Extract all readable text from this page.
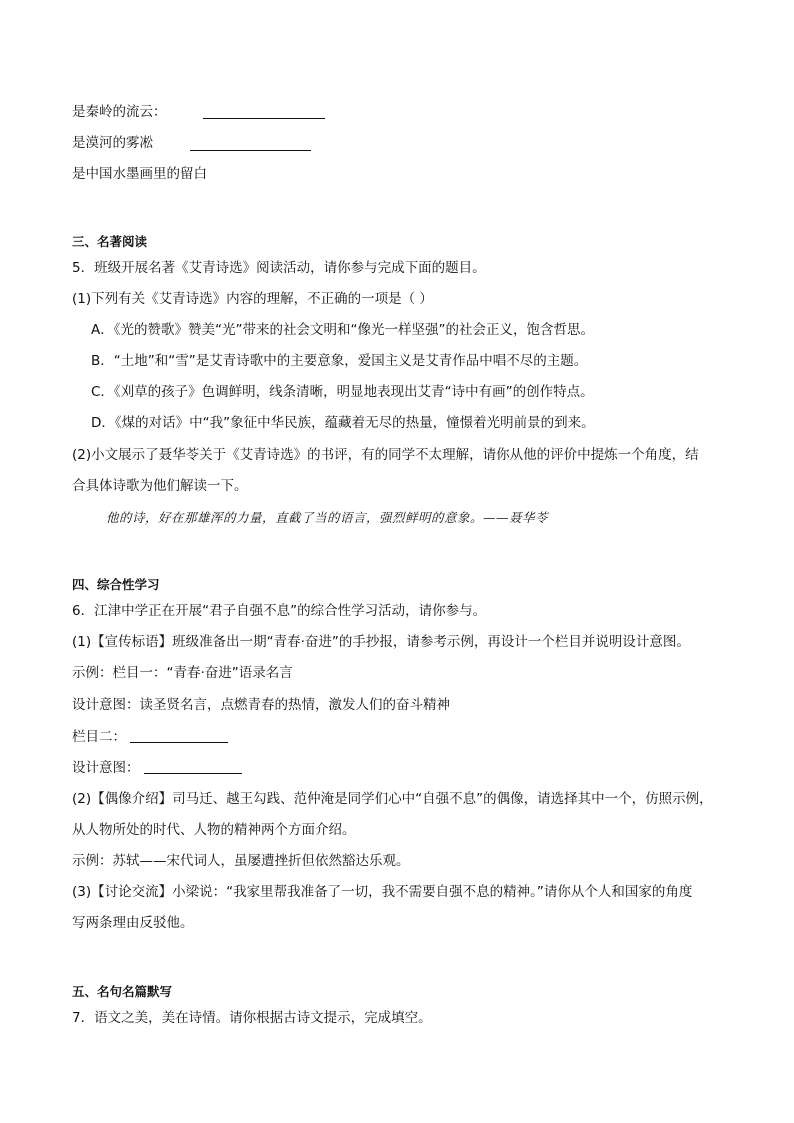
是秦岭的流云：
是漠河的雾凇
是中国水墨画里的留白
三、名著阅读
5．班级开展名著《艾青诗选》阅读活动，请你参与完成下面的题目。
(1)下列有关《艾青诗选》内容的理解，不正确的一项是（ ）
A．《光的赞歌》赞美“光”带来的社会文明和“像光一样坚强”的社会正义，饱含哲思。
B．“土地”和“雪”是艾青诗歌中的主要意象，爱国主义是艾青作品中唱不尽的主题。
C．《刈草的孩子》色调鲜明，线条清晰，明显地表现出艾青“诗中有画”的创作特点。
D．《煤的对话》中“我”象征中华民族，蕴藏着无尽的热量，憧憬着光明前景的到来。
(2)小文展示了聂华苓关于《艾青诗选》的书评，有的同学不太理解，请你从他的评价中提炼一个角度，结
合具体诗歌为他们解读一下。
他的诗，好在那雄浑的力量，直截了当的语言，强烈鲜明的意象。——聂华苓
四、综合性学习
6．江津中学正在开展“君子自强不息”的综合性学习活动，请你参与。
(1)【宣传标语】班级准备出一期“青春·奋进”的手抄报，请参考示例，再设计一个栏目并说明设计意图。
示例：栏目一：“青春·奋进”语录名言
设计意图：读圣贤名言，点燃青春的热情，激发人们的奋斗精神
栏目二：
设计意图：
(2)【偶像介绍】司马迁、越王勾践、范仲淹是同学们心中“自强不息”的偶像，请选择其中一个，仿照示例，
从人物所处的时代、人物的精神两个方面介绍。
示例：苏轼——宋代词人，虽屡遭挫折但依然豁达乐观。
(3)【讨论交流】小梁说：“我家里帮我准备了一切，我不需要自强不息的精神。”请你从个人和国家的角度
写两条理由反驳他。
五、名句名篇默写
7．语文之美，美在诗情。请你根据古诗文提示，完成填空。
